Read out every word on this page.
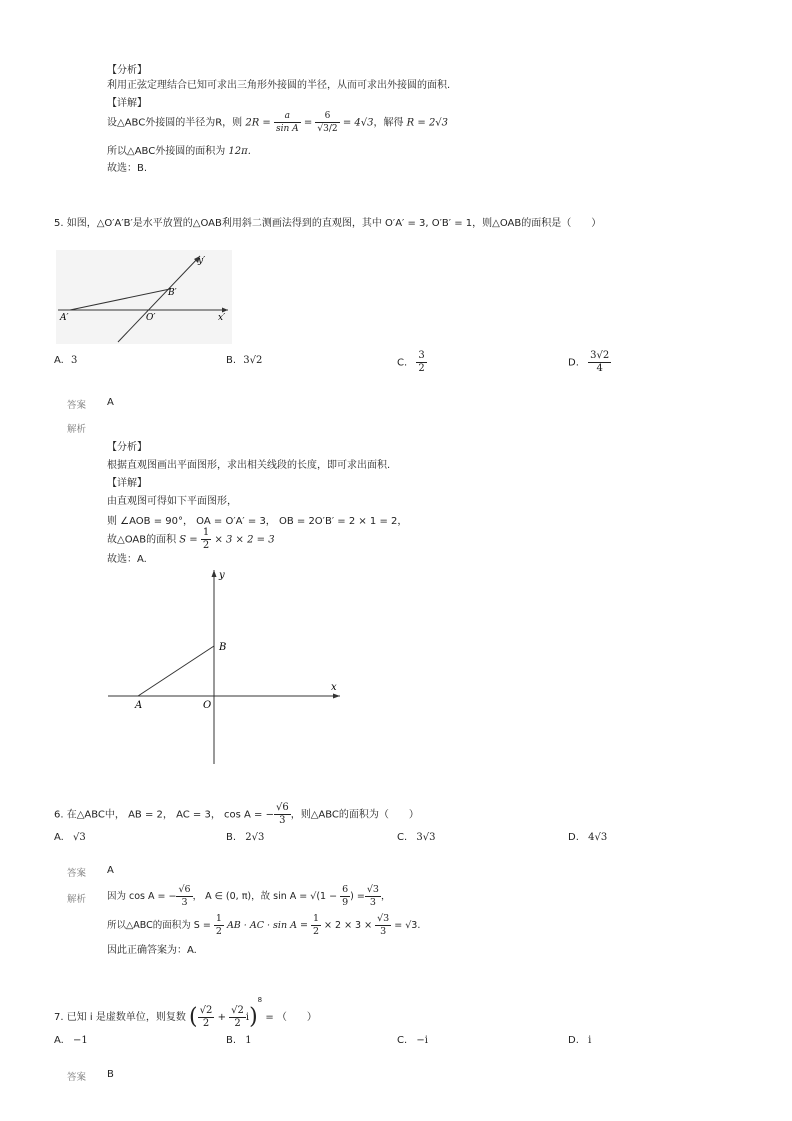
【分析】
利用正弦定理结合已知可求出三角形外接圆的半径，从而可求出外接圆的面积.
【详解】
设△ABC外接圆的半径为R，则 $2R = \frac{a}{\text{sin A}} = \frac{6}{√3/2} = 4√3$，解得 R = 2√3
所以△ABC外接圆的面积为 12π.
故选：B.
5. 如图，△O′A′B′是水平放置的△OAB利用斜二测画法得到的直观图，其中 O′A′ = 3, O′B′ = 1，则△OAB的面积是（　　）
y′
B′
A′	O′	x′
A. 3	B. 3√2	C. $\frac{3}{2}$	D. $\frac{3√2}{4}$
答案 A
解析
【分析】
根据直观图画出平面图形，求出相关线段的长度，即可求出面积.
【详解】
由直观图可得如下平面图形，
则 ∠AOB = 90°， OA = O′A′ = 3， OB = 2O′B′ = 2 × 1 = 2，
故△OAB的面积 $S = \frac{1}{2} \times 3 \times 2 = 3$
故选：A.
y
B
x
A	O
6. 在△ABC中， AB = 2， AC = 3， cos A = − $\frac{√6}{3}$ ，则△ABC的面积为（　　）
A. √3	B. 2√3	C. 3√3	D. 4√3
答案 A
解析 因为 cos A = − $\frac{√6}{3}$ ， A ∈ (0, π)，故 $\sin A = √(1 - \frac{6}{9}$ ) = $\frac{√3}{3}$ ，
所以△ABC的面积为 $S = \frac{1}{2}$ AB · AC · $\sin A = \frac{1}{2} \times 2 \times 3 \times \frac{√3}{3} = √3$.
因此正确答案为：A.
7. 已知 i 是虚数单位，则复数 ( $\frac{√2}{2} + \frac{√2}{2} i)^8$ = （　　）
A. −1	B. 1	C. −i	D. i
答案 B
